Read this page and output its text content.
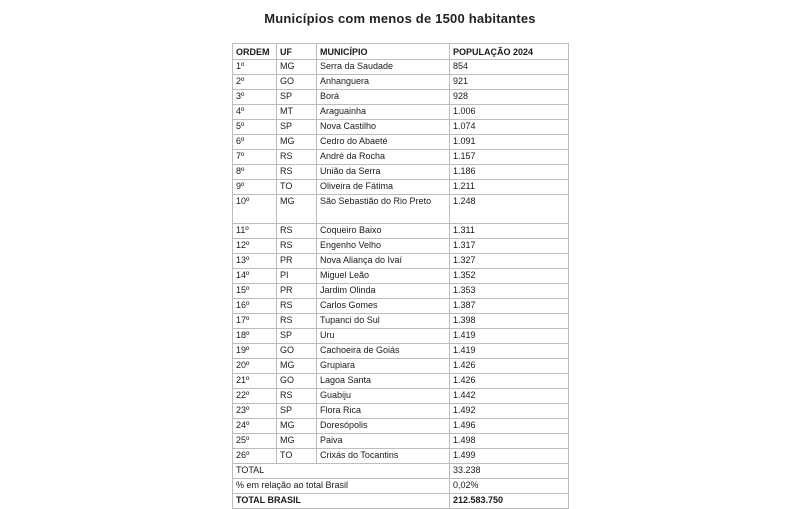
Municípios com menos de 1500 habitantes
ORDEM	UF	MUNICÍPIO	POPULAÇÃO 2024
1º	MG	Serra da Saudade	854
2º	GO	Anhanguera	921
3º	SP	Borá	928
4º	MT	Araguainha	1.006
5º	SP	Nova Castilho	1.074
6º	MG	Cedro do Abaeté	1.091
7º	RS	André da Rocha	1.157
8º	RS	União da Serra	1.186
9º	TO	Oliveira de Fátima	1.211
10º	MG	São Sebastião do Rio Preto	1.248
11º	RS	Coqueiro Baixo	1.311
12º	RS	Engenho Velho	1.317
13º	PR	Nova Aliança do Ivaí	1.327
14º	PI	Miguel Leão	1.352
15º	PR	Jardim Olinda	1.353
16º	RS	Carlos Gomes	1.387
17º	RS	Tupanci do Sul	1.398
18º	SP	Uru	1.419
19º	GO	Cachoeira de Goiás	1.419
20º	MG	Grupiara	1.426
21º	GO	Lagoa Santa	1.426
22º	RS	Guabiju	1.442
23º	SP	Flora Rica	1.492
24º	MG	Doresópolis	1.496
25º	MG	Paiva	1.498
26º	TO	Crixás do Tocantins	1.499
TOTAL			33.238
% em relação ao total Brasil			0,02%
TOTAL BRASIL			212.583.750
